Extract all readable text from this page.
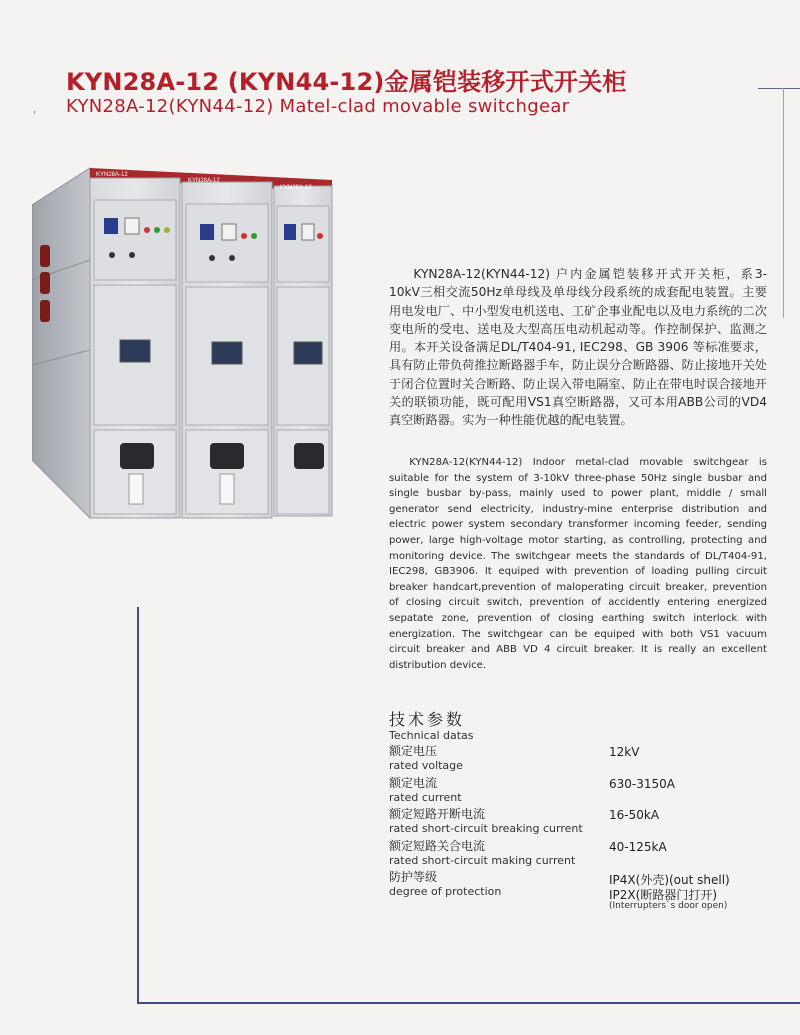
KYN28A-12 (KYN44-12)金属铠装移开式开关柜
KYN28A-12(KYN44-12) Matel-clad movable switchgear
'
KYN28A-12
KYN28A-12
KYN28A-12
KYN28A-12(KYN44-12) 户内金属铠装移开式开关柜，系3-10kV三相交流50Hz单母线及单母线分段系统的成套配电装置。主要用电发电厂、中小型发电机送电、工矿企事业配电以及电力系统的二次变电所的受电、送电及大型高压电动机起动等。作控制保护、监测之用。本开关设备满足DL/T404-91, IEC298、GB 3906 等标准要求，具有防止带负荷推拉断路器手车，防止误分合断路器、防止接地开关处于闭合位置时关合断路、防止误入带电隔室、防止在带电时误合接地开关的联锁功能，既可配用VS1真空断路器，又可本用ABB公司的VD4真空断路器。实为一种性能优越的配电装置。
KYN28A-12(KYN44-12) Indoor metal-clad movable switchgear is suitable for the system of 3-10kV three-phase 50Hz single busbar and single busbar by-pass, mainly used to power plant, middle / small generator send electricity, industry-mine enterprise distribution and electric power system secondary transformer incoming feeder, sending power, large high-voltage motor starting, as controlling, protecting and monitoring device. The switchgear meets the standards of DL/T404-91, IEC298, GB3906. It equiped with prevention of loading pulling circuit breaker handcart,prevention of maloperating circuit breaker, prevention of closing circuit switch, prevention of accidently entering energized sepatate zone, prevention of closing earthing switch interlock with energization. The switchgear can be equiped with both VS1 vacuum circuit breaker and ABB VD 4 circuit breaker. It is really an excellent distribution device.
技术参数
Technical datas
额定电压
rated voltage
12kV
额定电流
rated current
630-3150A
额定短路开断电流
rated short-circuit breaking current
16-50kA
额定短路关合电流
rated short-circuit making current
40-125kA
防护等级
degree of protection
IP4X(外壳)(out shell)
IP2X(断路器门打开)
(Interrupters`s door open)
